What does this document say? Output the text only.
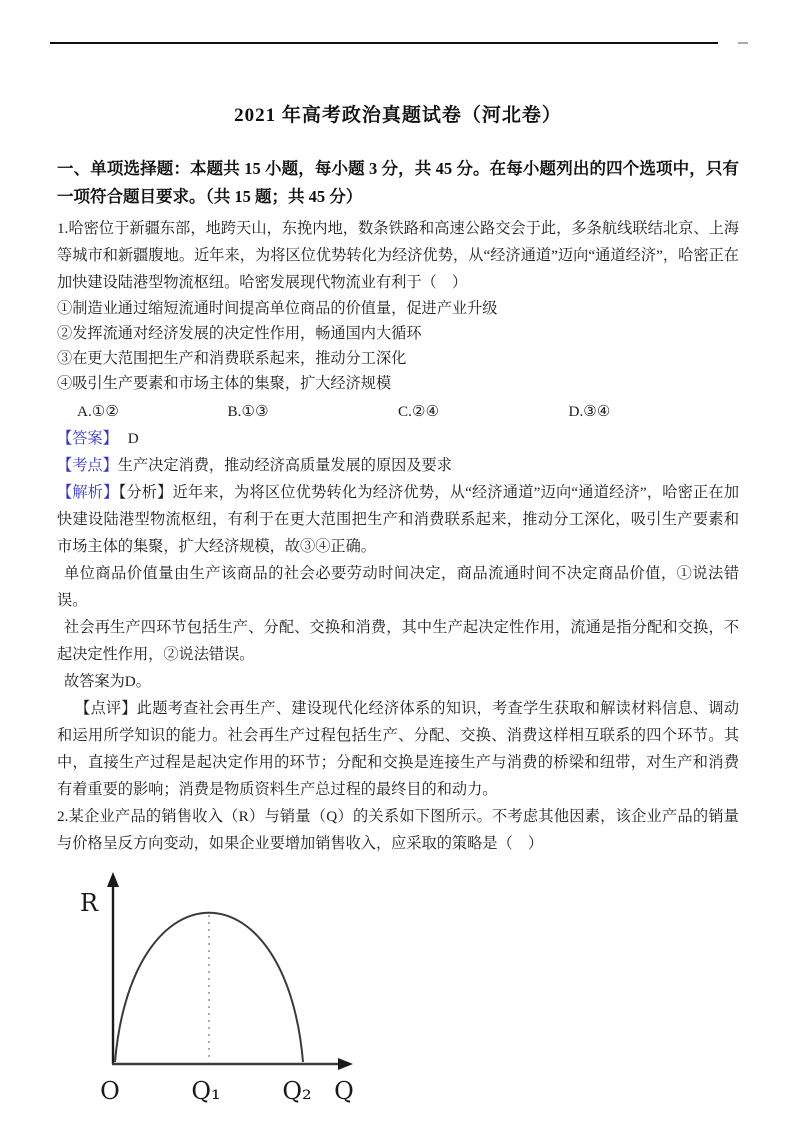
2021 年高考政治真题试卷（河北卷）
一、单项选择题：本题共 15 小题，每小题 3 分，共 45 分。在每小题列出的四个选项中，只有一项符合题目要求。（共 15 题；共 45 分）
1.哈密位于新疆东部，地跨天山，东挽内地，数条铁路和高速公路交会于此，多条航线联结北京、上海等城市和新疆腹地。近年来，为将区位优势转化为经济优势，从“经济通道”迈向“通道经济”，哈密正在加快建设陆港型物流枢纽。哈密发展现代物流业有利于（　）
①制造业通过缩短流通时间提高单位商品的价值量，促进产业升级
②发挥流通对经济发展的决定性作用，畅通国内大循环
③在更大范围把生产和消费联系起来，推动分工深化
④吸引生产要素和市场主体的集聚，扩大经济规模
A.①②	B.①③	C.②④	D.③④
【答案】 D
【考点】生产决定消费，推动经济高质量发展的原因及要求
【解析】【分析】近年来，为将区位优势转化为经济优势，从“经济通道”迈向“通道经济”，哈密正在加快建设陆港型物流枢纽，有利于在更大范围把生产和消费联系起来，推动分工深化，吸引生产要素和市场主体的集聚，扩大经济规模，故③④正确。
单位商品价值量由生产该商品的社会必要劳动时间决定，商品流通时间不决定商品价值，①说法错误。
社会再生产四环节包括生产、分配、交换和消费，其中生产起决定性作用，流通是指分配和交换，不起决定性作用，②说法错误。
故答案为D。
【点评】此题考查社会再生产、建设现代化经济体系的知识，考查学生获取和解读材料信息、调动和运用所学知识的能力。社会再生产过程包括生产、分配、交换、消费这样相互联系的四个环节。其中，直接生产过程是起决定作用的环节；分配和交换是连接生产与消费的桥梁和纽带，对生产和消费有着重要的影响；消费是物质资料生产总过程的最终目的和动力。
2.某企业产品的销售收入（R）与销量（Q）的关系如下图所示。不考虑其他因素，该企业产品的销量与价格呈反方向变动，如果企业要增加销售收入，应采取的策略是（　）
R
O	Q₁	Q₂ Q
